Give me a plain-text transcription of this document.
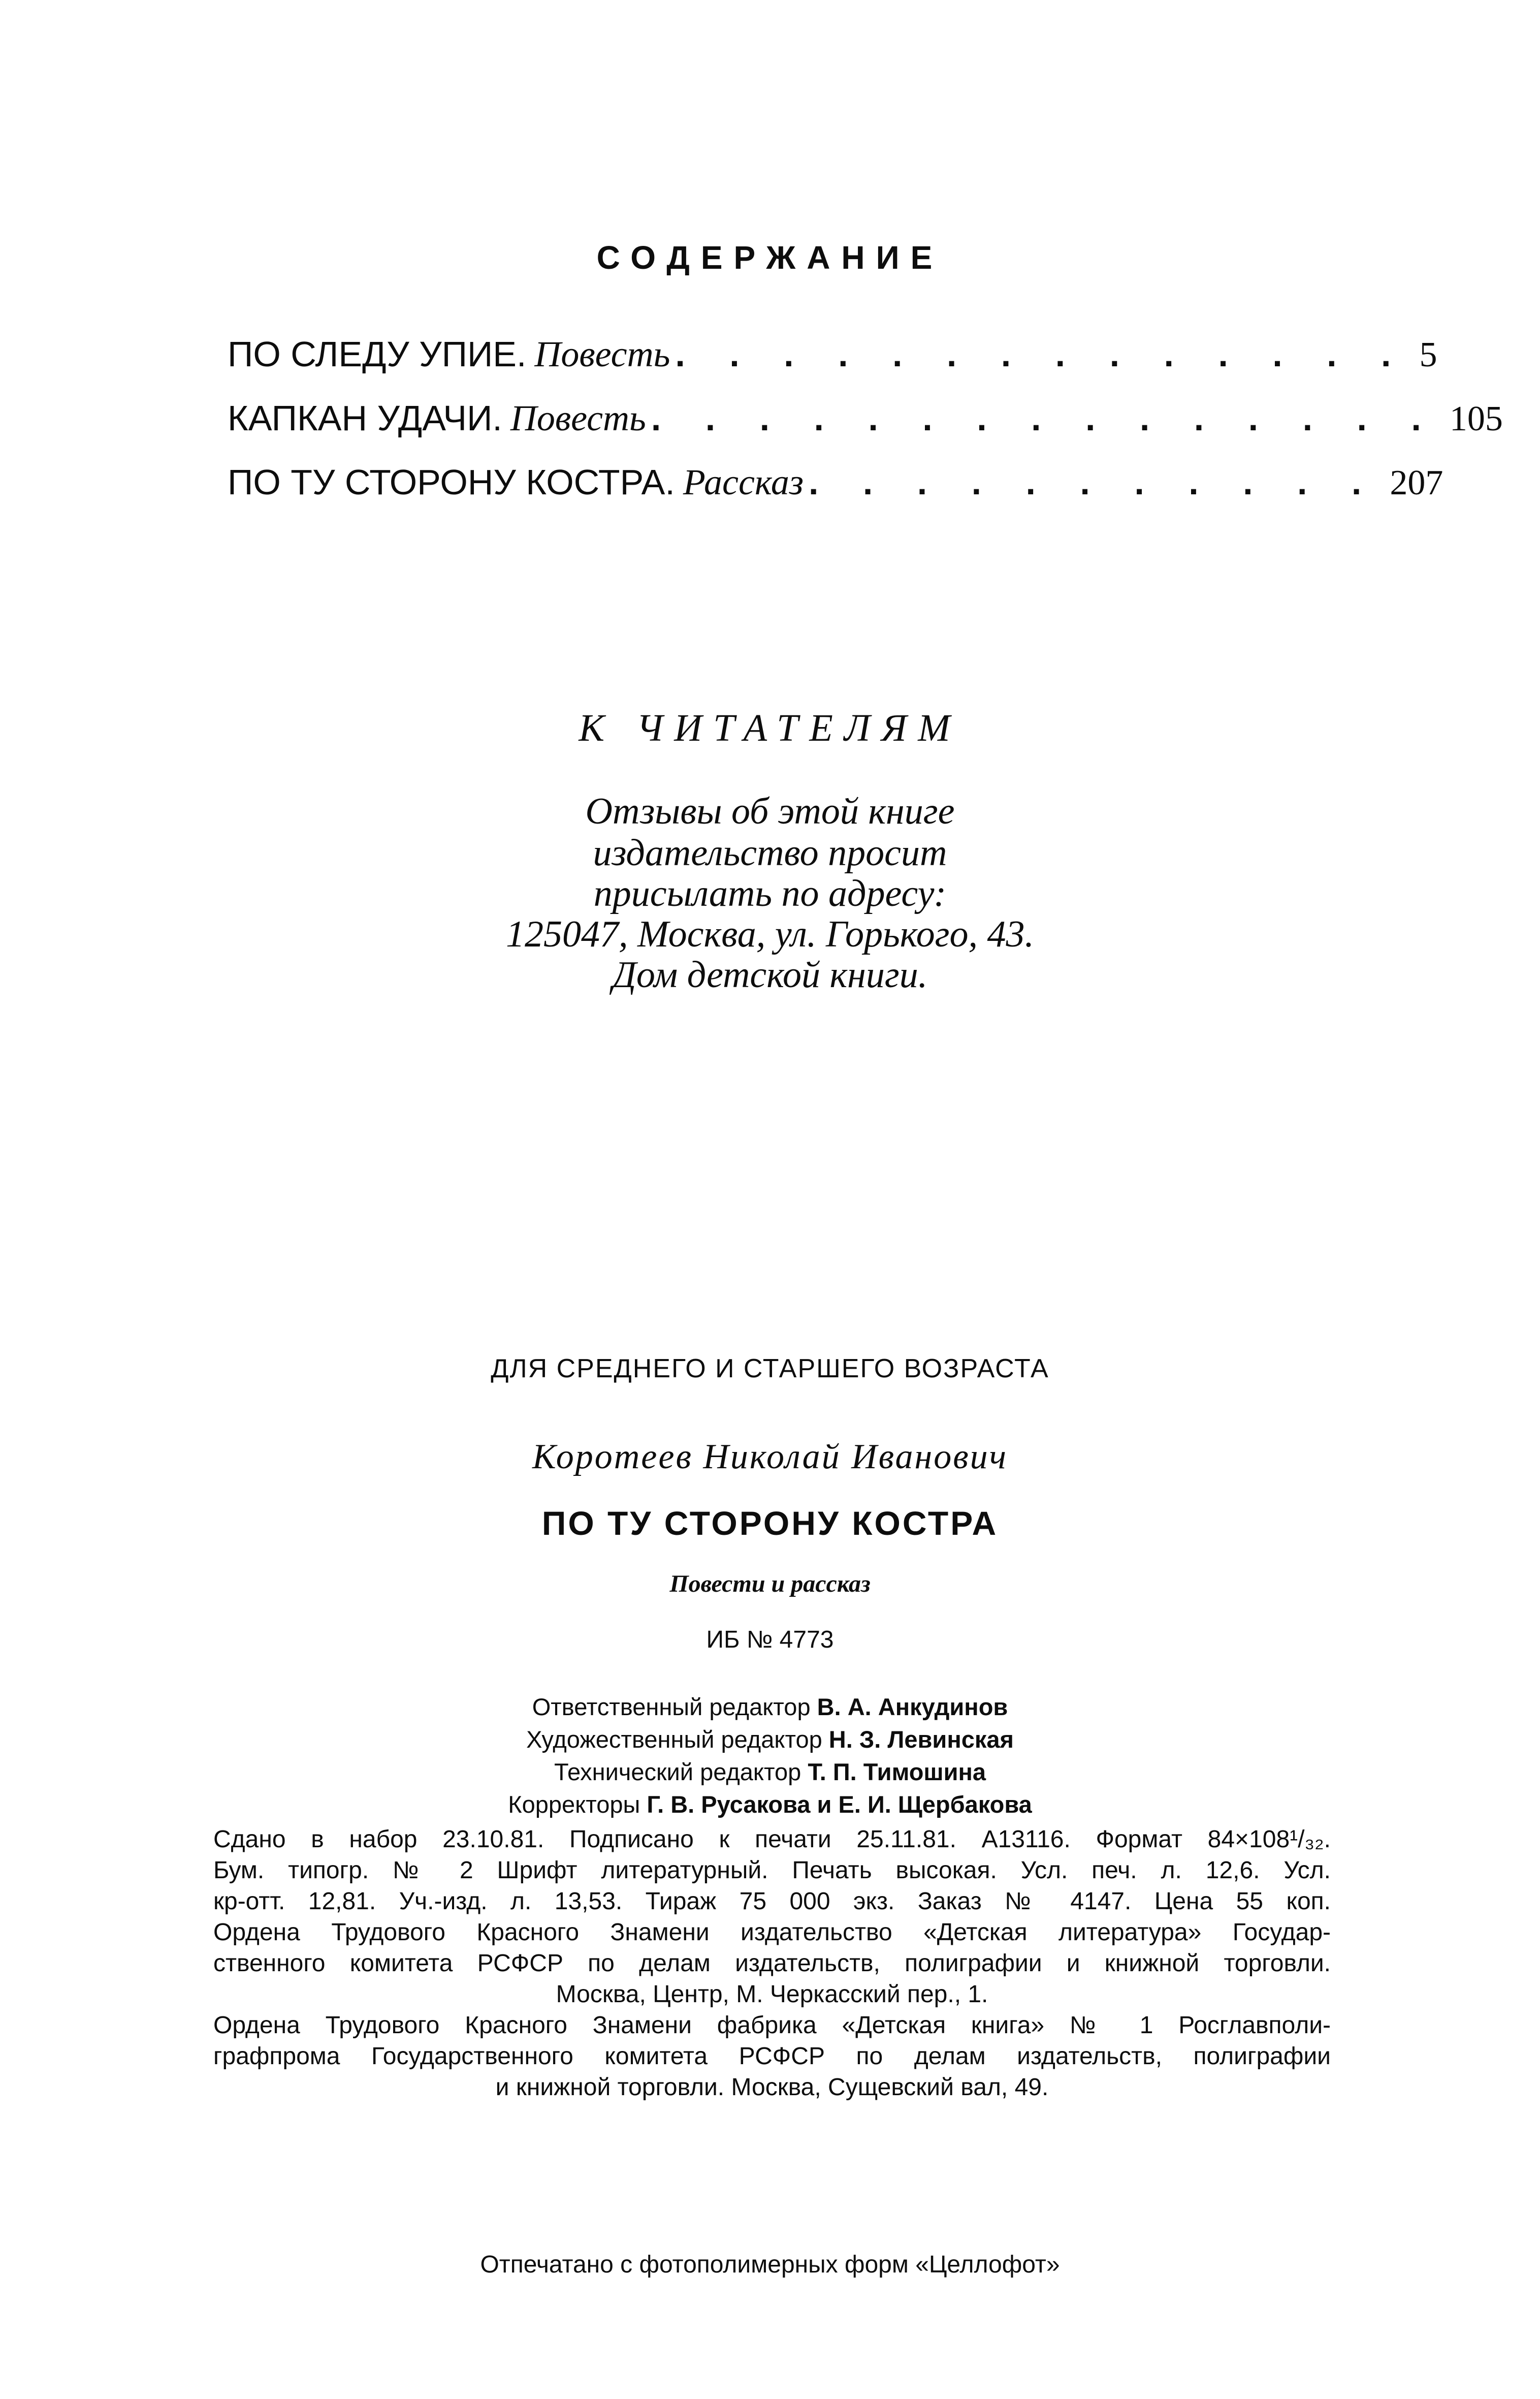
СОДЕРЖАНИЕ
ПО СЛЕДУ УПИЕ. Повесть . . . . . . . . . . . . . . 5
КАПКАН УДАЧИ. Повесть . . . . . . . . . . . . . . . 105
ПО ТУ СТОРОНУ КОСТРА. Рассказ . . . . . . . . . . . 207
К ЧИТАТЕЛЯМ
Отзывы об этой книге
издательство просит
присылать по адресу:
125047, Москва, ул. Горького, 43.
Дом детской книги.
ДЛЯ СРЕДНЕГО И СТАРШЕГО ВОЗРАСТА
Коротеев Николай Иванович
ПО ТУ СТОРОНУ КОСТРА
Повести и рассказ
ИБ № 4773
Ответственный редактор В. А. Анкудинов
Художественный редактор Н. З. Левинская
Технический редактор Т. П. Тимошина
Корректоры Г. В. Русакова и Е. И. Щербакова
Сдано в набор 23.10.81. Подписано к печати 25.11.81. А13116. Формат 84×108¹/₃₂.
Бум. типогр. № 2 Шрифт литературный. Печать высокая. Усл. печ. л. 12,6. Усл.
кр-отт. 12,81. Уч.-изд. л. 13,53. Тираж 75 000 экз. Заказ № 4147. Цена 55 коп.
Ордена Трудового Красного Знамени издательство «Детская литература» Государ-
ственного комитета РСФСР по делам издательств, полиграфии и книжной торговли.
Москва, Центр, М. Черкасский пер., 1.
Ордена Трудового Красного Знамени фабрика «Детская книга» № 1 Росглавполи-
графпрома Государственного комитета РСФСР по делам издательств, полиграфии
и книжной торговли. Москва, Сущевский вал, 49.
Отпечатано с фотополимерных форм «Целлофот»
